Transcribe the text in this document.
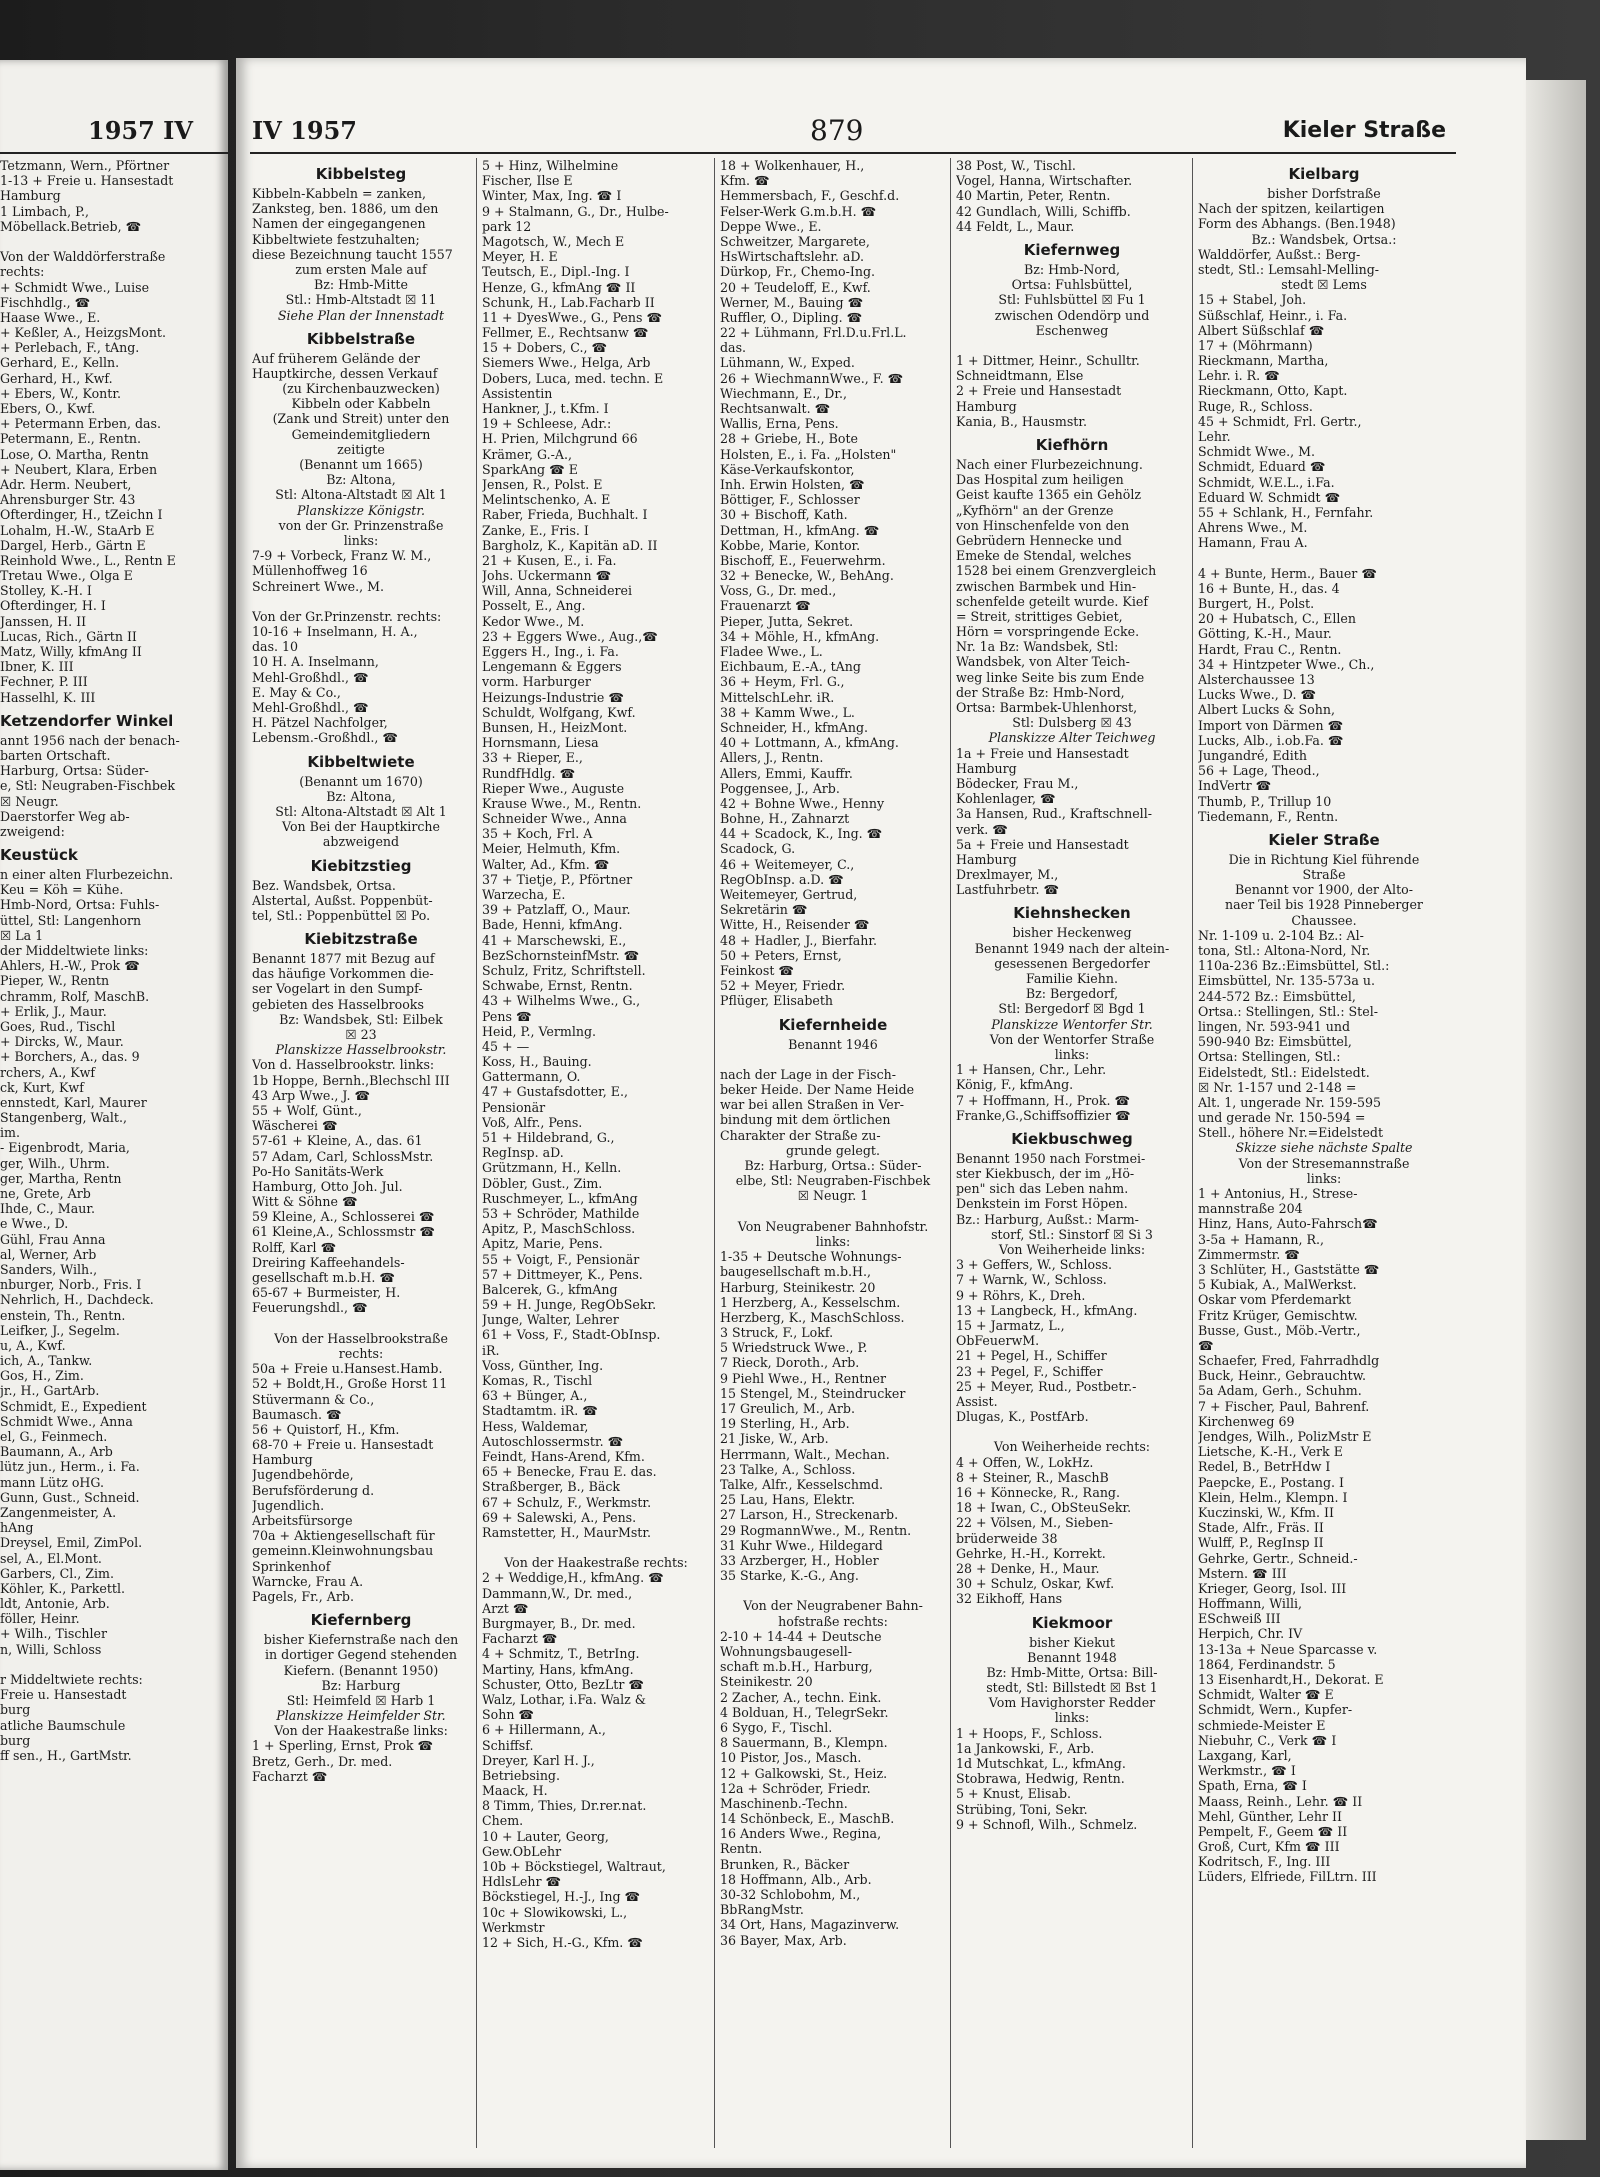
1957 IV
Tetzmann, Wern., Pförtner
1-13 + Freie u. Hansestadt
Hamburg
1 Limbach, P.,
Möbellack.Betrieb, ☎
Von der Walddörferstraße
rechts:
+ Schmidt Wwe., Luise
Fischhdlg., ☎
Haase Wwe., E.
+ Keßler, A., HeizgsMont.
+ Perlebach, F., tAng.
Gerhard, E., Kelln.
Gerhard, H., Kwf.
+ Ebers, W., Kontr.
Ebers, O., Kwf.
+ Petermann Erben, das.
Petermann, E., Rentn.
Lose, O. Martha, Rentn
+ Neubert, Klara, Erben
Adr. Herm. Neubert,
Ahrensburger Str. 43
Ofterdinger, H., tZeichn I
Lohalm, H.-W., StaArb E
Dargel, Herb., Gärtn E
Reinhold Wwe., L., Rentn E
Tretau Wwe., Olga E
Stolley, K.-H. I
Ofterdinger, H. I
Janssen, H. II
Lucas, Rich., Gärtn II
Matz, Willy, kfmAng II
Ibner, K. III
Fechner, P. III
Hasselhl, K. III
Ketzendorfer Winkel
annt 1956 nach der benach-
barten Ortschaft.
Harburg, Ortsa: Süder-
e, Stl: Neugraben-Fischbek
☒ Neugr.
Daerstorfer Weg ab-
zweigend:
Keustück
n einer alten Flurbezeichn.
Keu = Köh = Kühe.
Hmb-Nord, Ortsa: Fuhls-
üttel, Stl: Langenhorn
☒ La 1
der Middeltwiete links:
Ahlers, H.-W., Prok ☎
Pieper, W., Rentn
chramm, Rolf, MaschB.
+ Erlik, J., Maur.
Goes, Rud., Tischl
+ Dircks, W., Maur.
+ Borchers, A., das. 9
rchers, A., Kwf
ck, Kurt, Kwf
ennstedt, Karl, Maurer
Stangenberg, Walt.,
im.
- Eigenbrodt, Maria,
ger, Wilh., Uhrm.
ger, Martha, Rentn
ne, Grete, Arb
Ihde, C., Maur.
e Wwe., D.
Gühl, Frau Anna
al, Werner, Arb
Sanders, Wilh.,
nburger, Norb., Fris. I
Nehrlich, H., Dachdeck.
enstein, Th., Rentn.
Leifker, J., Segelm.
u, A., Kwf.
ich, A., Tankw.
Gos, H., Zim.
jr., H., GartArb.
Schmidt, E., Expedient
Schmidt Wwe., Anna
el, G., Feinmech.
Baumann, A., Arb
lütz jun., Herm., i. Fa.
mann Lütz oHG.
Gunn, Gust., Schneid.
Zangenmeister, A.
hAng
Dreysel, Emil, ZimPol.
sel, A., El.Mont.
Garbers, Cl., Zim.
Köhler, K., Parkettl.
ldt, Antonie, Arb.
föller, Heinr.
+ Wilh., Tischler
n, Willi, Schloss
r Middeltwiete rechts:
Freie u. Hansestadt
burg
atliche Baumschule
burg
ff sen., H., GartMstr.
IV 1957	879	Kieler Straße
Kibbelsteg
Kibbeln-Kabbeln = zanken,
Zanksteg, ben. 1886, um den
Namen der eingegangenen
Kibbeltwiete festzuhalten;
diese Bezeichnung taucht 1557
zum ersten Male auf
Bz: Hmb-Mitte
Stl.: Hmb-Altstadt ☒ 11
Siehe Plan der Innenstadt
Kibbelstraße
Auf früherem Gelände der
Hauptkirche, dessen Verkauf
(zu Kirchenbauzwecken)
Kibbeln oder Kabbeln
(Zank und Streit) unter den
Gemeindemitgliedern
zeitigte
(Benannt um 1665)
Bz: Altona,
Stl: Altona-Altstadt ☒ Alt 1
Planskizze Königstr.
von der Gr. Prinzenstraße
links:
7-9 + Vorbeck, Franz W. M.,
Müllenhoffweg 16
Schreinert Wwe., M.
Von der Gr.Prinzenstr. rechts:
10-16 + Inselmann, H. A.,
das. 10
10 H. A. Inselmann,
Mehl-Großhdl., ☎
E. May & Co.,
Mehl-Großhdl., ☎
H. Pätzel Nachfolger,
Lebensm.-Großhdl., ☎
Kibbeltwiete
(Benannt um 1670)
Bz: Altona,
Stl: Altona-Altstadt ☒ Alt 1
Von Bei der Hauptkirche
abzweigend
Kiebitzstieg
Bez. Wandsbek, Ortsa.
Alstertal, Außst. Poppenbüt-
tel, Stl.: Poppenbüttel ☒ Po.
Kiebitzstraße
Benannt 1877 mit Bezug auf
das häufige Vorkommen die-
ser Vogelart in den Sumpf-
gebieten des Hasselbrooks
Bz: Wandsbek, Stl: Eilbek
☒ 23
Planskizze Hasselbrookstr.
Von d. Hasselbrookstr. links:
1b Hoppe, Bernh.,Blechschl III
43 Arp Wwe., J. ☎
55 + Wolf, Günt.,
Wäscherei ☎
57-61 + Kleine, A., das. 61
57 Adam, Carl, SchlossMstr.
Po-Ho Sanitäts-Werk
Hamburg, Otto Joh. Jul.
Witt & Söhne ☎
59 Kleine, A., Schlosserei ☎
61 Kleine,A., Schlossmstr ☎
Rolff, Karl ☎
Dreiring Kaffeehandels-
gesellschaft m.b.H. ☎
65-67 + Burmeister, H.
Feuerungshdl., ☎
Von der Hasselbrookstraße
rechts:
50a + Freie u.Hansest.Hamb.
52 + Boldt,H., Große Horst 11
Stüvermann & Co.,
Baumasch. ☎
56 + Quistorf, H., Kfm.
68-70 + Freie u. Hansestadt
Hamburg
Jugendbehörde,
Berufsförderung d.
Jugendlich.
Arbeitsfürsorge
70a + Aktiengesellschaft für
gemeinn.Kleinwohnungsbau
Sprinkenhof
Warncke, Frau A.
Pagels, Fr., Arb.
Kiefernberg
bisher Kiefernstraße nach den
in dortiger Gegend stehenden
Kiefern. (Benannt 1950)
Bz: Harburg
Stl: Heimfeld ☒ Harb 1
Planskizze Heimfelder Str.
Von der Haakestraße links:
1 + Sperling, Ernst, Prok ☎
Bretz, Gerh., Dr. med.
Facharzt ☎
5 + Hinz, Wilhelmine
Fischer, Ilse E
Winter, Max, Ing. ☎ I
9 + Stalmann, G., Dr., Hulbe-
park 12
Magotsch, W., Mech E
Meyer, H. E
Teutsch, E., Dipl.-Ing. I
Henze, G., kfmAng ☎ II
Schunk, H., Lab.Facharb II
11 + DyesWwe., G., Pens ☎
Fellmer, E., Rechtsanw ☎
15 + Dobers, C., ☎
Siemers Wwe., Helga, Arb
Dobers, Luca, med. techn. E
Assistentin
Hankner, J., t.Kfm. I
19 + Schleese, Adr.:
H. Prien, Milchgrund 66
Krämer, G.-A.,
SparkAng ☎ E
Jensen, R., Polst. E
Melintschenko, A. E
Raber, Frieda, Buchhalt. I
Zanke, E., Fris. I
Bargholz, K., Kapitän aD. II
21 + Kusen, E., i. Fa.
Johs. Uckermann ☎
Will, Anna, Schneiderei
Posselt, E., Ang.
Kedor Wwe., M.
23 + Eggers Wwe., Aug.,☎
Eggers H., Ing., i. Fa.
Lengemann & Eggers
vorm. Harburger
Heizungs-Industrie ☎
Schuldt, Wolfgang, Kwf.
Bunsen, H., HeizMont.
Hornsmann, Liesa
33 + Rieper, E.,
RundfHdlg. ☎
Rieper Wwe., Auguste
Krause Wwe., M., Rentn.
Schneider Wwe., Anna
35 + Koch, Frl. A
Meier, Helmuth, Kfm.
Walter, Ad., Kfm. ☎
37 + Tietje, P., Pförtner
Warzecha, E.
39 + Patzlaff, O., Maur.
Bade, Henni, kfmAng.
41 + Marschewski, E.,
BezSchornsteinfMstr. ☎
Schulz, Fritz, Schriftstell.
Schwabe, Ernst, Rentn.
43 + Wilhelms Wwe., G.,
Pens ☎
Heid, P., Vermlng.
45 + —
Koss, H., Bauing.
Gattermann, O.
47 + Gustafsdotter, E.,
Pensionär
Voß, Alfr., Pens.
51 + Hildebrand, G.,
RegInsp. aD.
Grützmann, H., Kelln.
Döbler, Gust., Zim.
Ruschmeyer, L., kfmAng
53 + Schröder, Mathilde
Apitz, P., MaschSchloss.
Apitz, Marie, Pens.
55 + Voigt, F., Pensionär
57 + Dittmeyer, K., Pens.
Balcerek, G., kfmAng
59 + H. Junge, RegObSekr.
Junge, Walter, Lehrer
61 + Voss, F., Stadt-ObInsp.
iR.
Voss, Günther, Ing.
Komas, R., Tischl
63 + Bünger, A.,
Stadtamtm. iR. ☎
Hess, Waldemar,
Autoschlossermstr. ☎
Feindt, Hans-Arend, Kfm.
65 + Benecke, Frau E. das.
Straßberger, B., Bäck
67 + Schulz, F., Werkmstr.
69 + Salewski, A., Pens.
Ramstetter, H., MaurMstr.
Von der Haakestraße rechts:
2 + Weddige,H., kfmAng. ☎
Dammann,W., Dr. med.,
Arzt ☎
Burgmayer, B., Dr. med.
Facharzt ☎
4 + Schmitz, T., BetrIng.
Martiny, Hans, kfmAng.
Schuster, Otto, BezLtr ☎
Walz, Lothar, i.Fa. Walz &
Sohn ☎
6 + Hillermann, A.,
Schiffsf.
Dreyer, Karl H. J.,
Betriebsing.
Maack, H.
8 Timm, Thies, Dr.rer.nat.
Chem.
10 + Lauter, Georg,
Gew.ObLehr
10b + Böckstiegel, Waltraut,
HdlsLehr ☎
Böckstiegel, H.-J., Ing ☎
10c + Slowikowski, L.,
Werkmstr
12 + Sich, H.-G., Kfm. ☎
18 + Wolkenhauer, H.,
Kfm. ☎
Hemmersbach, F., Geschf.d.
Felser-Werk G.m.b.H. ☎
Deppe Wwe., E.
Schweitzer, Margarete,
HsWirtschaftslehr. aD.
Dürkop, Fr., Chemo-Ing.
20 + Teudeloff, E., Kwf.
Werner, M., Bauing ☎
Ruffler, O., Dipling. ☎
22 + Lühmann, Frl.D.u.Frl.L.
das.
Lühmann, W., Exped.
26 + WiechmannWwe., F. ☎
Wiechmann, E., Dr.,
Rechtsanwalt. ☎
Wallis, Erna, Pens.
28 + Griebe, H., Bote
Holsten, E., i. Fa. „Holsten"
Käse-Verkaufskontor,
Inh. Erwin Holsten, ☎
Böttiger, F., Schlosser
30 + Bischoff, Kath.
Dettman, H., kfmAng. ☎
Kobbe, Marie, Kontor.
Bischoff, E., Feuerwehrm.
32 + Benecke, W., BehAng.
Voss, G., Dr. med.,
Frauenarzt ☎
Pieper, Jutta, Sekret.
34 + Möhle, H., kfmAng.
Fladee Wwe., L.
Eichbaum, E.-A., tAng
36 + Heym, Frl. G.,
MittelschLehr. iR.
38 + Kamm Wwe., L.
Schneider, H., kfmAng.
40 + Lottmann, A., kfmAng.
Allers, J., Rentn.
Allers, Emmi, Kauffr.
Poggensee, J., Arb.
42 + Bohne Wwe., Henny
Bohne, H., Zahnarzt
44 + Scadock, K., Ing. ☎
Scadock, G.
46 + Weitemeyer, C.,
RegObInsp. a.D. ☎
Weitemeyer, Gertrud,
Sekretärin ☎
Witte, H., Reisender ☎
48 + Hadler, J., Bierfahr.
50 + Peters, Ernst,
Feinkost ☎
52 + Meyer, Friedr.
Pflüger, Elisabeth
Kiefernheide
Benannt 1946
nach der Lage in der Fisch-
beker Heide. Der Name Heide
war bei allen Straßen in Ver-
bindung mit dem örtlichen
Charakter der Straße zu-
grunde gelegt.
Bz: Harburg, Ortsa.: Süder-
elbe, Stl: Neugraben-Fischbek
☒ Neugr. 1
Von Neugrabener Bahnhofstr.
links:
1-35 + Deutsche Wohnungs-
baugesellschaft m.b.H.,
Harburg, Steinikestr. 20
1 Herzberg, A., Kesselschm.
Herzberg, K., MaschSchloss.
3 Struck, F., Lokf.
5 Wriedstruck Wwe., P.
7 Rieck, Doroth., Arb.
9 Piehl Wwe., H., Rentner
15 Stengel, M., Steindrucker
17 Greulich, M., Arb.
19 Sterling, H., Arb.
21 Jiske, W., Arb.
Herrmann, Walt., Mechan.
23 Talke, A., Schloss.
Talke, Alfr., Kesselschmd.
25 Lau, Hans, Elektr.
27 Larson, H., Streckenarb.
29 RogmannWwe., M., Rentn.
31 Kuhr Wwe., Hildegard
33 Arzberger, H., Hobler
35 Starke, K.-G., Ang.
Von der Neugrabener Bahn-
hofstraße rechts:
2-10 + 14-44 + Deutsche
Wohnungsbaugesell-
schaft m.b.H., Harburg,
Steinikestr. 20
2 Zacher, A., techn. Eink.
4 Bolduan, H., TelegrSekr.
6 Sygo, F., Tischl.
8 Sauermann, B., Klempn.
10 Pistor, Jos., Masch.
12 + Galkowski, St., Heiz.
12a + Schröder, Friedr.
Maschinenb.-Techn.
14 Schönbeck, E., MaschB.
16 Anders Wwe., Regina,
Rentn.
Brunken, R., Bäcker
18 Hoffmann, Alb., Arb.
30-32 Schlobohm, M.,
BbRangMstr.
34 Ort, Hans, Magazinverw.
36 Bayer, Max, Arb.
38 Post, W., Tischl.
Vogel, Hanna, Wirtschafter.
40 Martin, Peter, Rentn.
42 Gundlach, Willi, Schiffb.
44 Feldt, L., Maur.
Kiefernweg
Bz: Hmb-Nord,
Ortsa: Fuhlsbüttel,
Stl: Fuhlsbüttel ☒ Fu 1
zwischen Odendörp und
Eschenweg
1 + Dittmer, Heinr., Schulltr.
Schneidtmann, Else
2 + Freie und Hansestadt
Hamburg
Kania, B., Hausmstr.
Kiefhörn
Nach einer Flurbezeichnung.
Das Hospital zum heiligen
Geist kaufte 1365 ein Gehölz
„Kyfhörn" an der Grenze
von Hinschenfelde von den
Gebrüdern Hennecke und
Emeke de Stendal, welches
1528 bei einem Grenzvergleich
zwischen Barmbek und Hin-
schenfelde geteilt wurde. Kief
= Streit, strittiges Gebiet,
Hörn = vorspringende Ecke.
Nr. 1a Bz: Wandsbek, Stl:
Wandsbek, von Alter Teich-
weg linke Seite bis zum Ende
der Straße Bz: Hmb-Nord,
Ortsa: Barmbek-Uhlenhorst,
Stl: Dulsberg ☒ 43
Planskizze Alter Teichweg
1a + Freie und Hansestadt
Hamburg
Bödecker, Frau M.,
Kohlenlager, ☎
3a Hansen, Rud., Kraftschnell-
verk. ☎
5a + Freie und Hansestadt
Hamburg
Drexlmayer, M.,
Lastfuhrbetr. ☎
Kiehnshecken
bisher Heckenweg
Benannt 1949 nach der altein-
gesessenen Bergedorfer
Familie Kiehn.
Bz: Bergedorf,
Stl: Bergedorf ☒ Bgd 1
Planskizze Wentorfer Str.
Von der Wentorfer Straße
links:
1 + Hansen, Chr., Lehr.
König, F., kfmAng.
7 + Hoffmann, H., Prok. ☎
Franke,G.,Schiffsoffizier ☎
Kiekbuschweg
Benannt 1950 nach Forstmei-
ster Kiekbusch, der im „Hö-
pen" sich das Leben nahm.
Denkstein im Forst Höpen.
Bz.: Harburg, Außst.: Marm-
storf, Stl.: Sinstorf ☒ Si 3
Von Weiherheide links:
3 + Geffers, W., Schloss.
7 + Warnk, W., Schloss.
9 + Röhrs, K., Dreh.
13 + Langbeck, H., kfmAng.
15 + Jarmatz, L.,
ObFeuerwM.
21 + Pegel, H., Schiffer
23 + Pegel, F., Schiffer
25 + Meyer, Rud., Postbetr.-
Assist.
Dlugas, K., PostfArb.
Von Weiherheide rechts:
4 + Offen, W., LokHz.
8 + Steiner, R., MaschB
16 + Könnecke, R., Rang.
18 + Iwan, C., ObSteuSekr.
22 + Völsen, M., Sieben-
brüderweide 38
Gehrke, H.-H., Korrekt.
28 + Denke, H., Maur.
30 + Schulz, Oskar, Kwf.
32 Eikhoff, Hans
Kiekmoor
bisher Kiekut
Benannt 1948
Bz: Hmb-Mitte, Ortsa: Bill-
stedt, Stl: Billstedt ☒ Bst 1
Vom Havighorster Redder
links:
1 + Hoops, F., Schloss.
1a Jankowski, F., Arb.
1d Mutschkat, L., kfmAng.
Stobrawa, Hedwig, Rentn.
5 + Knust, Elisab.
Strübing, Toni, Sekr.
9 + Schnofl, Wilh., Schmelz.
Kielbarg
bisher Dorfstraße
Nach der spitzen, keilartigen
Form des Abhangs. (Ben.1948)
Bz.: Wandsbek, Ortsa.:
Walddörfer, Außst.: Berg-
stedt, Stl.: Lemsahl-Melling-
stedt ☒ Lems
15 + Stabel, Joh.
Süßschlaf, Heinr., i. Fa.
Albert Süßschlaf ☎
17 + (Möhrmann)
Rieckmann, Martha,
Lehr. i. R. ☎
Rieckmann, Otto, Kapt.
Ruge, R., Schloss.
45 + Schmidt, Frl. Gertr.,
Lehr.
Schmidt Wwe., M.
Schmidt, Eduard ☎
Schmidt, W.E.L., i.Fa.
Eduard W. Schmidt ☎
55 + Schlank, H., Fernfahr.
Ahrens Wwe., M.
Hamann, Frau A.
4 + Bunte, Herm., Bauer ☎
16 + Bunte, H., das. 4
Burgert, H., Polst.
20 + Hubatsch, C., Ellen
Götting, K.-H., Maur.
Hardt, Frau C., Rentn.
34 + Hintzpeter Wwe., Ch.,
Alsterchaussee 13
Lucks Wwe., D. ☎
Albert Lucks & Sohn,
Import von Därmen ☎
Lucks, Alb., i.ob.Fa. ☎
Jungandré, Edith
56 + Lage, Theod.,
IndVertr ☎
Thumb, P., Trillup 10
Tiedemann, F., Rentn.
Kieler Straße
Die in Richtung Kiel führende
Straße
Benannt vor 1900, der Alto-
naer Teil bis 1928 Pinneberger
Chaussee.
Nr. 1-109 u. 2-104 Bz.: Al-
tona, Stl.: Altona-Nord, Nr.
110a-236 Bz.:Eimsbüttel, Stl.:
Eimsbüttel, Nr. 135-573a u.
244-572 Bz.: Eimsbüttel,
Ortsa.: Stellingen, Stl.: Stel-
lingen, Nr. 593-941 und
590-940 Bz: Eimsbüttel,
Ortsa: Stellingen, Stl.:
Eidelstedt, Stl.: Eidelstedt.
☒ Nr. 1-157 und 2-148 =
Alt. 1, ungerade Nr. 159-595
und gerade Nr. 150-594 =
Stell., höhere Nr.=Eidelstedt
Skizze siehe nächste Spalte
Von der Stresemannstraße
links:
1 + Antonius, H., Strese-
mannstraße 204
Hinz, Hans, Auto-Fahrsch☎
3-5a + Hamann, R.,
Zimmermstr. ☎
3 Schlüter, H., Gaststätte ☎
5 Kubiak, A., MalWerkst.
Oskar vom Pferdemarkt
Fritz Krüger, Gemischtw.
Busse, Gust., Möb.-Vertr.,
☎
Schaefer, Fred, Fahrradhdlg
Buck, Heinr., Gebrauchtw.
5a Adam, Gerh., Schuhm.
7 + Fischer, Paul, Bahrenf.
Kirchenweg 69
Jendges, Wilh., PolizMstr E
Lietsche, K.-H., Verk E
Redel, B., BetrHdw I
Paepcke, E., Postang. I
Klein, Helm., Klempn. I
Kuczinski, W., Kfm. II
Stade, Alfr., Fräs. II
Wulff, P., RegInsp II
Gehrke, Gertr., Schneid.-
Mstern. ☎ III
Krieger, Georg, Isol. III
Hoffmann, Willi,
ESchweiß III
Herpich, Chr. IV
13-13a + Neue Sparcasse v.
1864, Ferdinandstr. 5
13 Eisenhardt,H., Dekorat. E
Schmidt, Walter ☎ E
Schmidt, Wern., Kupfer-
schmiede-Meister E
Niebuhr, C., Verk ☎ I
Laxgang, Karl,
Werkmstr., ☎ I
Spath, Erna, ☎ I
Maass, Reinh., Lehr. ☎ II
Mehl, Günther, Lehr II
Pempelt, F., Geem ☎ II
Groß, Curt, Kfm ☎ III
Kodritsch, F., Ing. III
Lüders, Elfriede, FilLtrn. III
